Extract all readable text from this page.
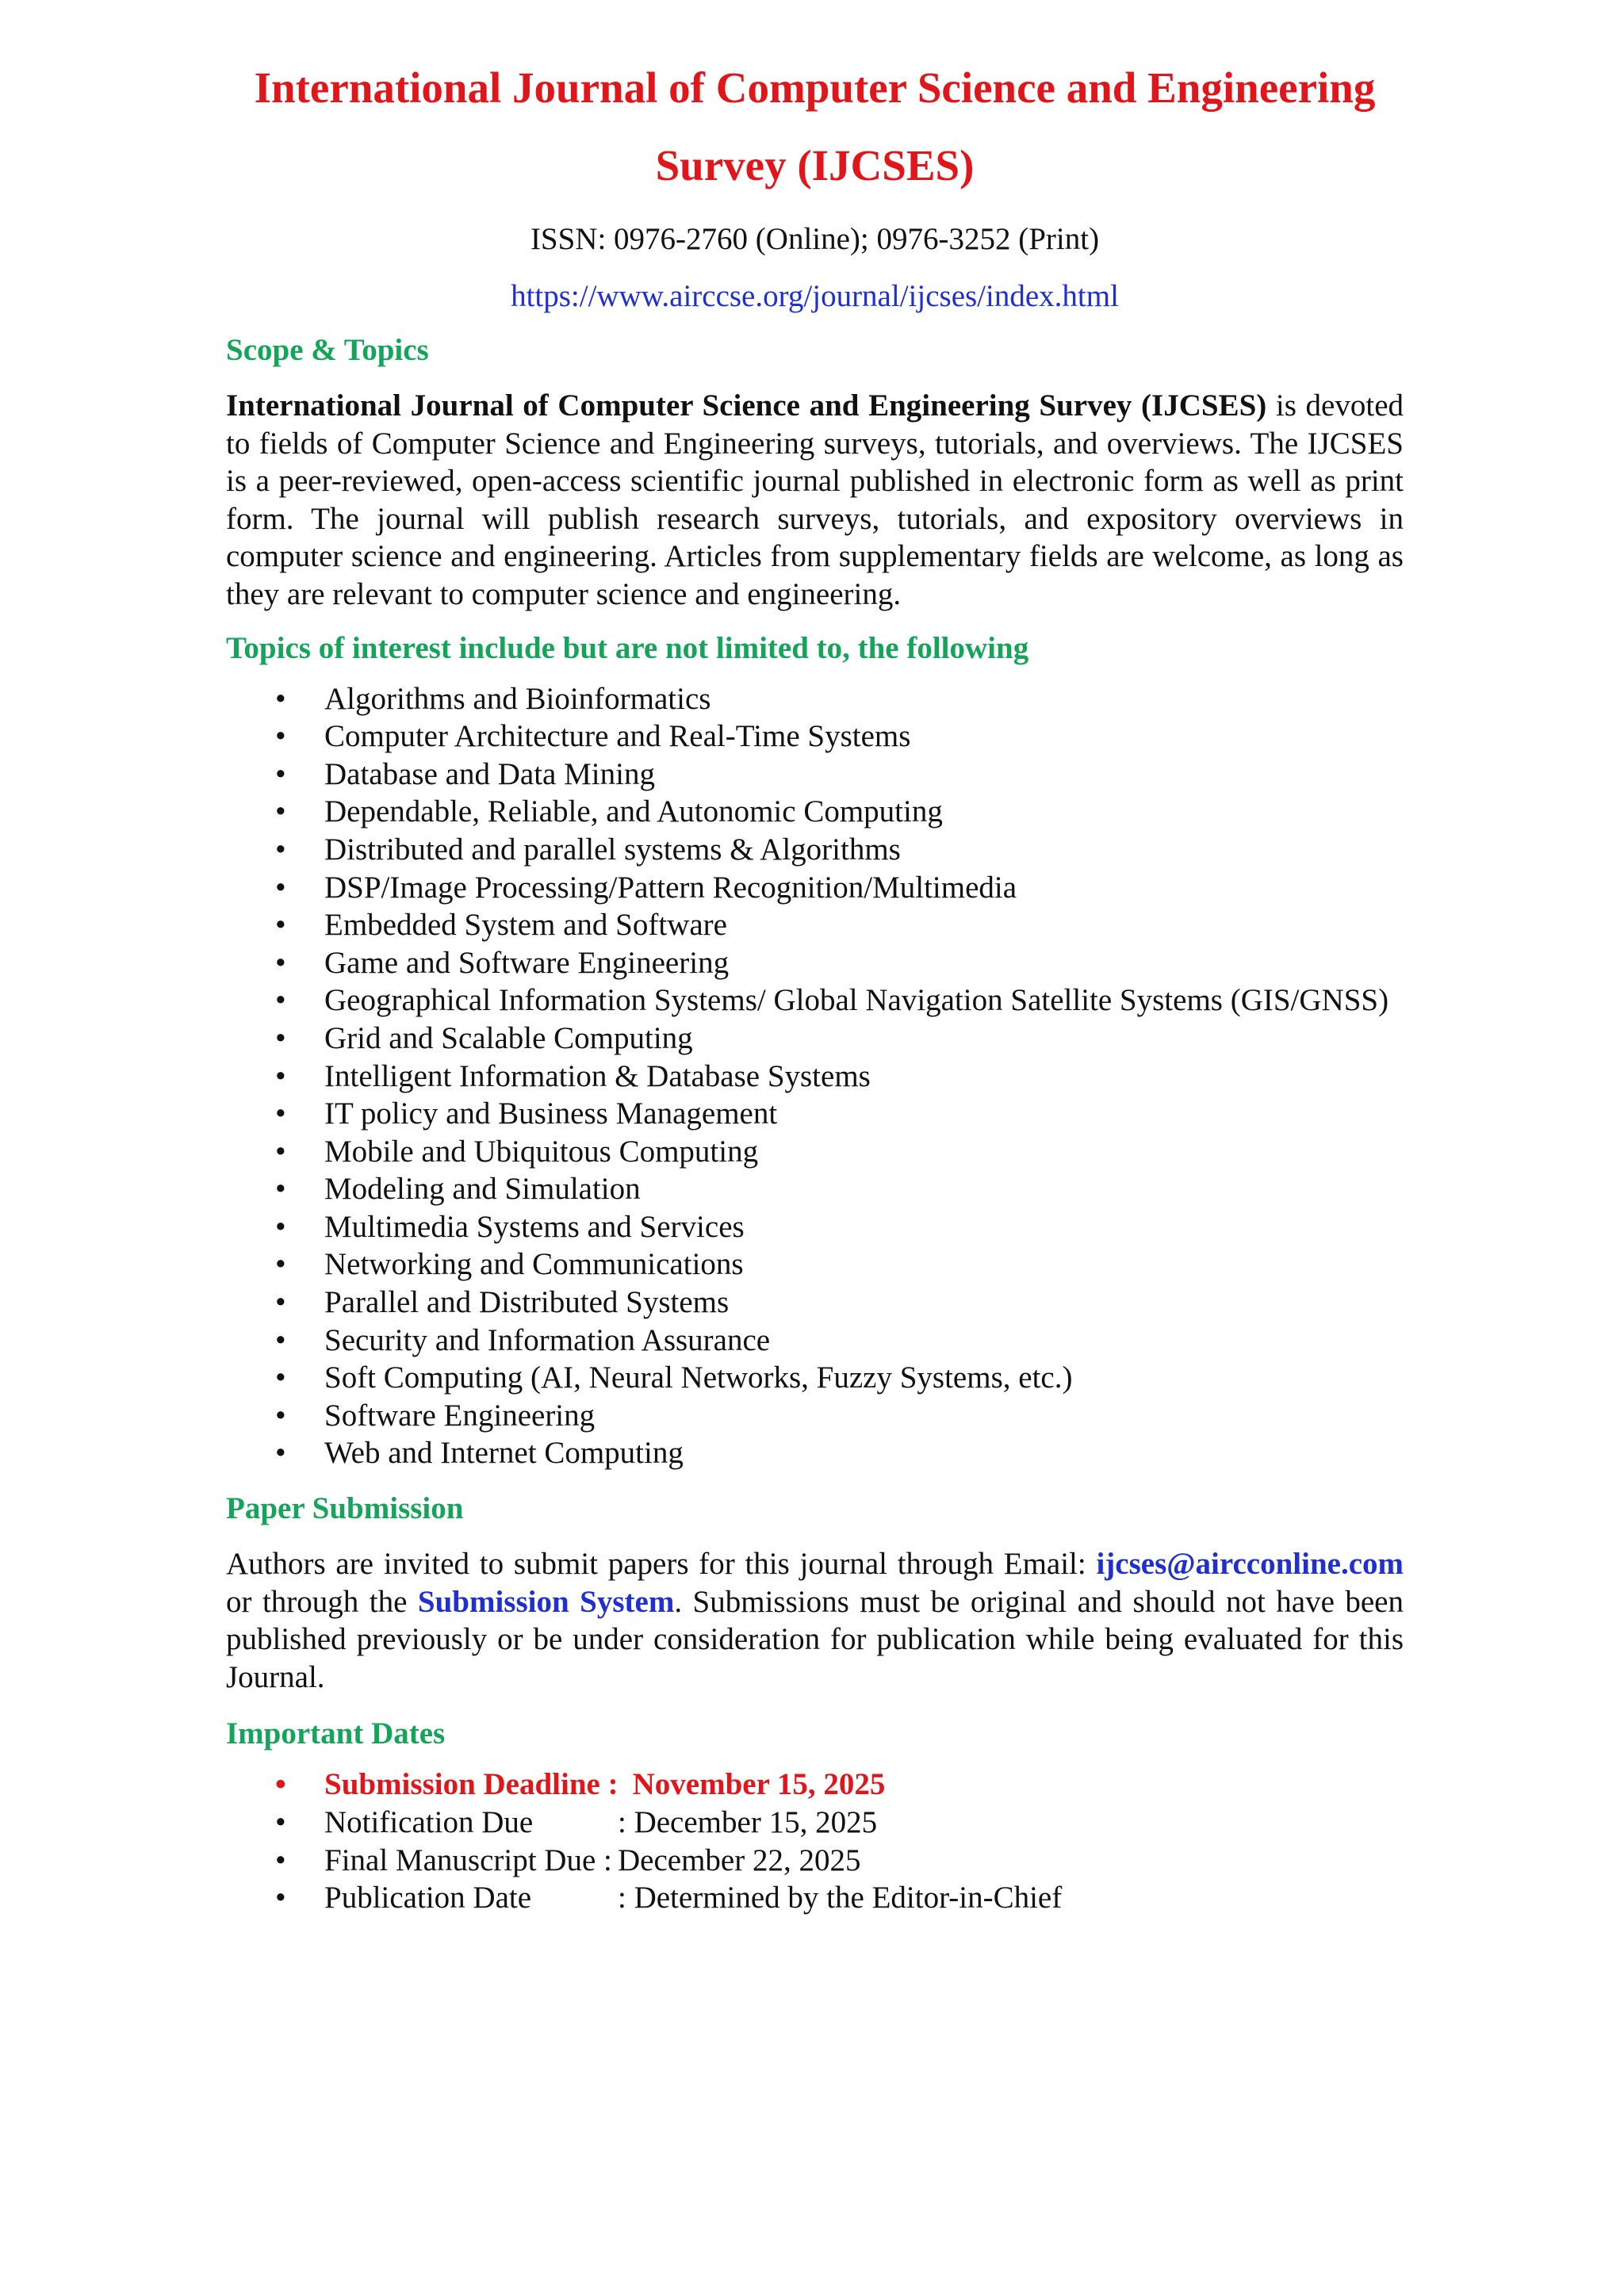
International Journal of Computer Science and Engineering
Survey (IJCSES)

ISSN: 0976-2760 (Online); 0976-3252 (Print)

https://www.airccse.org/journal/ijcses/index.html

Scope & Topics

International Journal of Computer Science and Engineering Survey (IJCSES) is devoted to fields of Computer Science and Engineering surveys, tutorials, and overviews. The IJCSES is a peer-reviewed, open-access scientific journal published in electronic form as well as print form. The journal will publish research surveys, tutorials, and expository overviews in computer science and engineering. Articles from supplementary fields are welcome, as long as they are relevant to computer science and engineering.

Topics of interest include but are not limited to, the following
• Algorithms and Bioinformatics
• Computer Architecture and Real-Time Systems
• Database and Data Mining
• Dependable, Reliable, and Autonomic Computing
• Distributed and parallel systems & Algorithms
• DSP/Image Processing/Pattern Recognition/Multimedia
• Embedded System and Software
• Game and Software Engineering
• Geographical Information Systems/ Global Navigation Satellite Systems (GIS/GNSS)
• Grid and Scalable Computing
• Intelligent Information & Database Systems
• IT policy and Business Management
• Mobile and Ubiquitous Computing
• Modeling and Simulation
• Multimedia Systems and Services
• Networking and Communications
• Parallel and Distributed Systems
• Security and Information Assurance
• Soft Computing (AI, Neural Networks, Fuzzy Systems, etc.)
• Software Engineering
• Web and Internet Computing
Paper Submission

Authors are invited to submit papers for this journal through Email: ijcses@aircconline.com or through the Submission System. Submissions must be original and should not have been published previously or be under consideration for publication while being evaluated for this Journal.

Important Dates
• Submission Deadline : November 15, 2025
• Notification Due	: December 15, 2025
• Final Manuscript Due : December 22, 2025
• Publication Date	: Determined by the Editor-in-Chief
